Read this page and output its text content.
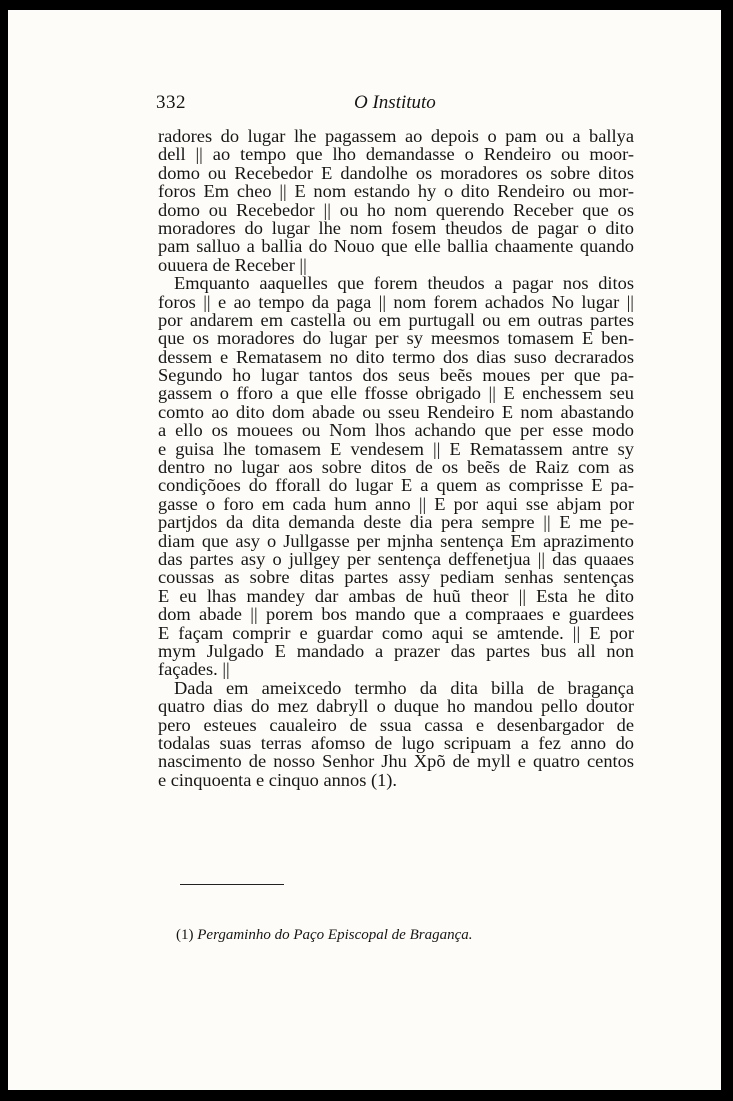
332	O Instituto
radores do lugar lhe pagassem ao depois o pam ou a ballya
dell || ao tempo que lho demandasse o Rendeiro ou moor-
domo ou Recebedor E dandolhe os moradores os sobre ditos
foros Em cheo || E nom estando hy o dito Rendeiro ou mor-
domo ou Recebedor || ou ho nom querendo Receber que os
moradores do lugar lhe nom fosem theudos de pagar o dito
pam salluo a ballia do Nouo que elle ballia chaamente quando
ouuera de Receber ||
Emquanto aaquelles que forem theudos a pagar nos ditos
foros || e ao tempo da paga || nom forem achados No lugar ||
por andarem em castella ou em purtugall ou em outras partes
que os moradores do lugar per sy meesmos tomasem E ben-
dessem e Rematasem no dito termo dos dias suso decrarados
Segundo ho lugar tantos dos seus beẽs moues per que pa-
gassem o fforo a que elle ffosse obrigado || E enchessem seu
comto ao dito dom abade ou sseu Rendeiro E nom abastando
a ello os mouees ou Nom lhos achando que per esse modo
e guisa lhe tomasem E vendesem || E Rematassem antre sy
dentro no lugar aos sobre ditos de os beẽs de Raiz com as
condiçõoes do fforall do lugar E a quem as comprisse E pa-
gasse o foro em cada hum anno || E por aqui sse abjam por
partjdos da dita demanda deste dia pera sempre || E me pe-
diam que asy o Jullgasse per mjnha sentença Em aprazimento
das partes asy o jullgey per sentença deffenetjua || das quaaes
coussas as sobre ditas partes assy pediam senhas sentenças
E eu lhas mandey dar ambas de huũ theor || Esta he dito
dom abade || porem bos mando que a compraaes e guardees
E façam comprir e guardar como aqui se amtende. || E por
mym Julgado E mandado a prazer das partes bus all non
façades. ||
Dada em ameixcedo termho da dita billa de bragança
quatro dias do mez dabryll o duque ho mandou pello doutor
pero esteues caualeiro de ssua cassa e desenbargador de
todalas suas terras afomso de lugo scripuam a fez anno do
nascimento de nosso Senhor Jhu Xpõ de myll e quatro centos
e cinquoenta e cinquo annos (1).
(1) Pergaminho do Paço Episcopal de Bragança.
